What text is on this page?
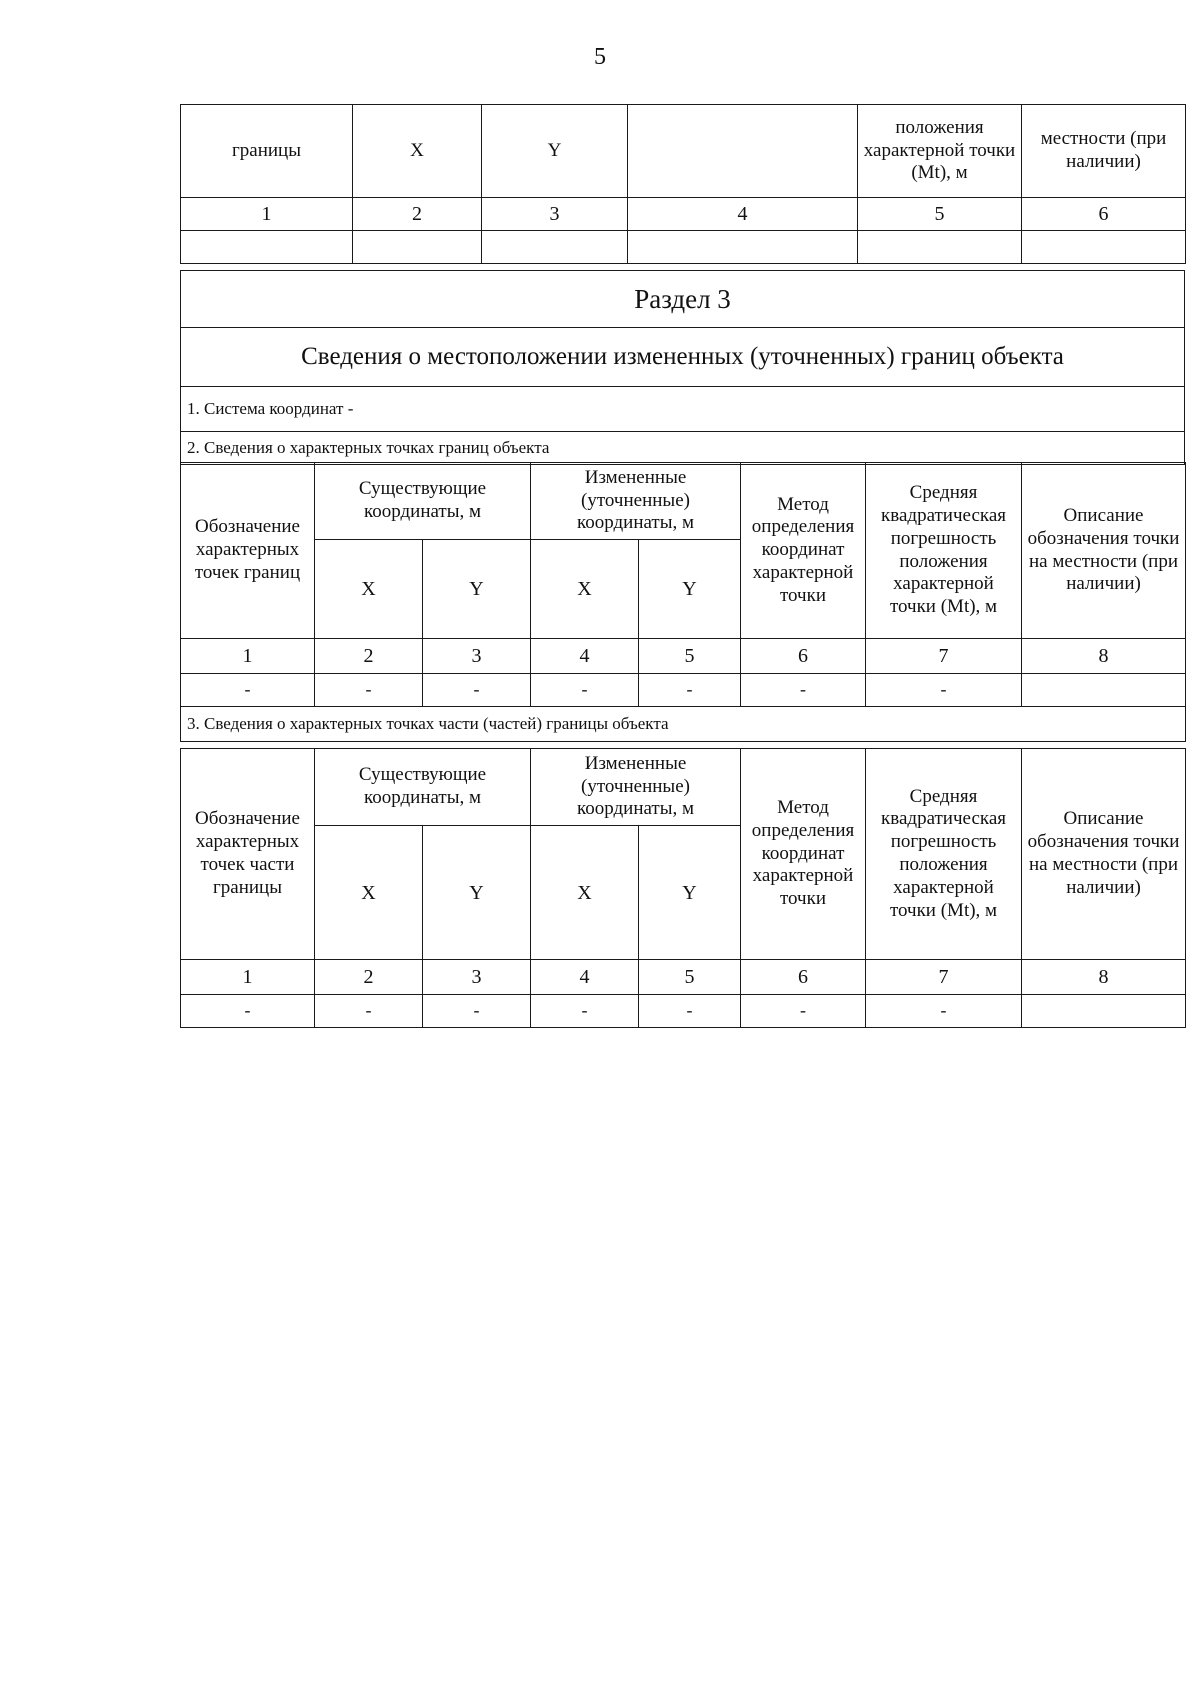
5
границы	X	Y		положения характерной точки (Mt), м	местности (при наличии)
1	2	3	4	5	6

Раздел 3
Сведения о местоположении измененных (уточненных) границ объекта
1. Система координат -
2. Сведения о характерных точках границ объекта
Обозначение характерных точек границ	Существующие координаты, м		Измененные (уточненные) координаты, м		Метод определения координат характерной точки	Средняя квадратическая погрешность положения характерной точки (Mt), м	Описание обозначения точки на местности (при наличии)
	X	Y	X	Y			
1	2	3	4	5	6	7	8
-	-	-	-	-	-	-	
3. Сведения о характерных точках части (частей) границы объекта							
Обозначение характерных точек части границы	Существующие координаты, м		Измененные (уточненные) координаты, м		Метод определения координат характерной точки	Средняя квадратическая погрешность положения характерной точки (Mt), м	Описание обозначения точки на местности (при наличии)
	X	Y	X	Y			
1	2	3	4	5	6	7	8
-	-	-	-	-	-	-	
